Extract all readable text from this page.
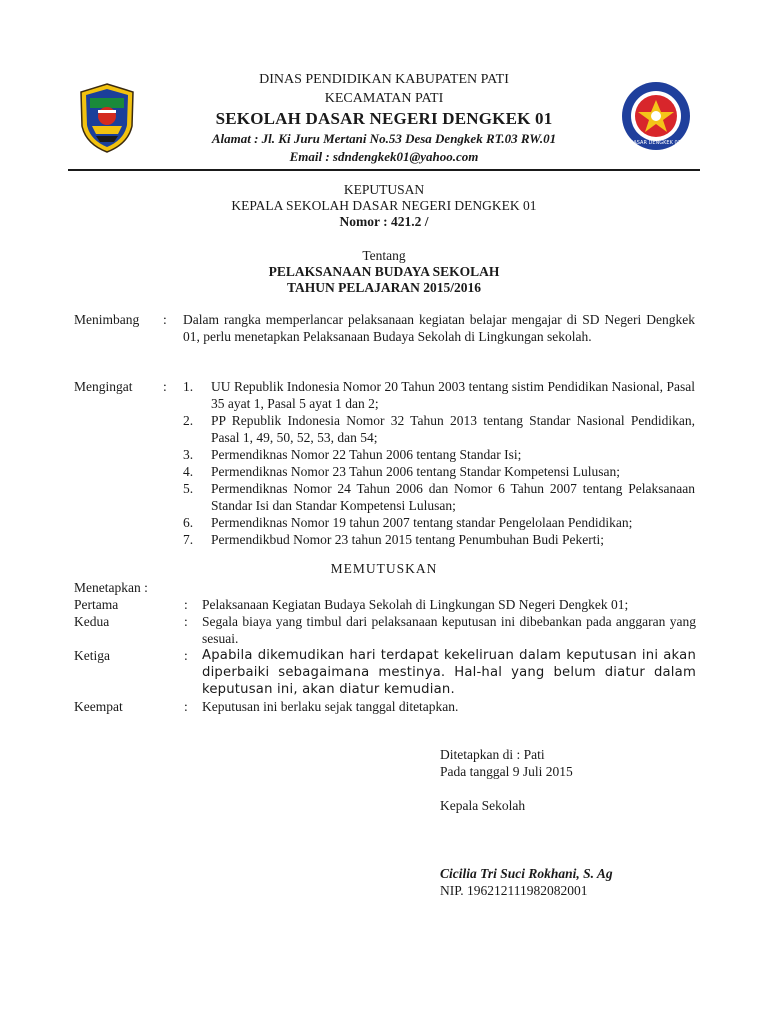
DINAS PENDIDIKAN KABUPATEN PATI
KECAMATAN PATI
SEKOLAH DASAR NEGERI DENGKEK 01
Alamat : Jl. Ki Juru Mertani No.53 Desa Dengkek RT.03 RW.01
Email : sdndengkek01@yahoo.com
SEKOLAH DASAR DENGKEK 01 · KEC.PATI
KEPUTUSAN
KEPALA SEKOLAH DASAR NEGERI DENGKEK 01
Nomor : 421.2 /
Tentang
PELAKSANAAN BUDAYA SEKOLAH
TAHUN PELAJARAN 2015/2016
Menimbang : Dalam rangka memperlancar pelaksanaan kegiatan belajar mengajar di SD Negeri Dengkek 01, perlu menetapkan Pelaksanaan Budaya Sekolah di Lingkungan sekolah.
Mengingat : 1. UU Republik Indonesia Nomor 20 Tahun 2003 tentang sistim Pendidikan Nasional, Pasal 35 ayat 1, Pasal 5 ayat 1 dan 2;
2. PP Republik Indonesia Nomor 32 Tahun 2013 tentang Standar Nasional Pendidikan, Pasal 1, 49, 50, 52, 53, dan 54;
3. Permendiknas Nomor 22 Tahun 2006 tentang Standar Isi;
4. Permendiknas Nomor 23 Tahun 2006 tentang Standar Kompetensi Lulusan;
5. Permendiknas Nomor 24 Tahun 2006 dan Nomor 6 Tahun 2007 tentang Pelaksanaan Standar Isi dan Standar Kompetensi Lulusan;
6. Permendiknas Nomor 19 tahun 2007 tentang standar Pengelolaan Pendidikan;
7. Permendikbud Nomor 23 tahun 2015 tentang Penumbuhan Budi Pekerti;
MEMUTUSKAN
Menetapkan :
Pertama	: Pelaksanaan Kegiatan Budaya Sekolah di Lingkungan SD Negeri Dengkek 01;
Kedua	: Segala biaya yang timbul dari pelaksanaan keputusan ini dibebankan pada anggaran yang sesuai.
Ketiga	: Apabila dikemudikan hari terdapat kekeliruan dalam keputusan ini akan diperbaiki sebagaimana mestinya. Hal-hal yang belum diatur dalam keputusan ini, akan diatur kemudian.
Keempat	: Keputusan ini berlaku sejak tanggal ditetapkan.
Ditetapkan di : Pati
Pada tanggal 9 Juli 2015
Kepala Sekolah
Cicilia Tri Suci Rokhani, S. Ag
NIP. 196212111982082001
